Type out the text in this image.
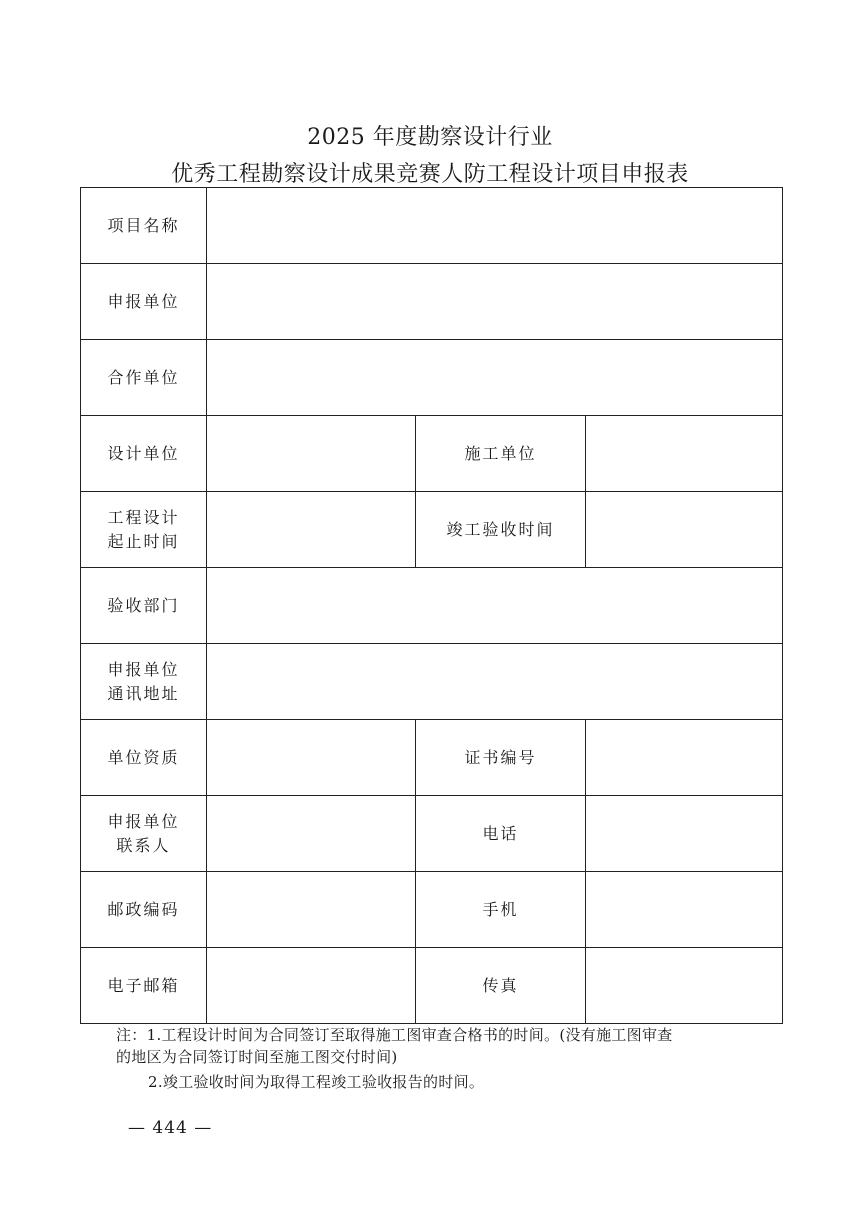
2025 年度勘察设计行业
优秀工程勘察设计成果竞赛人防工程设计项目申报表
项目名称			

申报单位			

合作单位			

设计单位		施工单位	

工程设计
起止时间		竣工验收时间	

验收部门			

申报单位
通讯地址			

单位资质		证书编号	

申报单位
联系人		电话	

邮政编码		手机	

电子邮箱		传真	

注：1.工程设计时间为合同签订至取得施工图审查合格书的时间。(没有施工图审查
的地区为合同签订时间至施工图交付时间)
2.竣工验收时间为取得工程竣工验收报告的时间。
— 444 —
